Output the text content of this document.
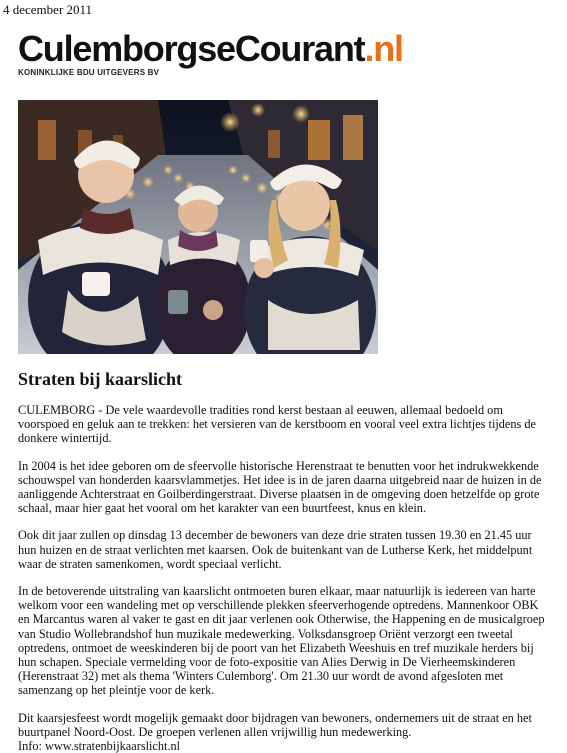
4 december 2011
CulemborgseCourant.nl
KONINKLIJKE BDU UITGEVERS BV
Straten bij kaarslicht

CULEMBORG - De vele waardevolle tradities rond kerst bestaan al eeuwen, allemaal bedoeld om voorspoed en geluk aan te trekken: het versieren van de kerstboom en vooral veel extra lichtjes tijdens de donkere wintertijd.

In 2004 is het idee geboren om de sfeervolle historische Herenstraat te benutten voor het indrukwekkende schouwspel van honderden kaarsvlammetjes. Het idee is in de jaren daarna uitgebreid naar de huizen in de aanliggende Achterstraat en Goilberdingerstraat. Diverse plaatsen in de omgeving doen hetzelfde op grote schaal, maar hier gaat het vooral om het karakter van een buurtfeest, knus en klein.

Ook dit jaar zullen op dinsdag 13 december de bewoners van deze drie straten tussen 19.30 en 21.45 uur hun huizen en de straat verlichten met kaarsen. Ook de buitenkant van de Lutherse Kerk, het middelpunt waar de straten samenkomen, wordt speciaal verlicht.

In de betoverende uitstraling van kaarslicht ontmoeten buren elkaar, maar natuurlijk is iedereen van harte welkom voor een wandeling met op verschillende plekken sfeerverhogende optredens. Mannenkoor OBK en Marcantus waren al vaker te gast en dit jaar verlenen ook Otherwise, the Happening en de musicalgroep van Studio Wollebrandshof hun muzikale medewerking. Volksdansgroep Oriënt verzorgt een tweetal optredens, ontmoet de weeskinderen bij de poort van het Elizabeth Weeshuis en tref muzikale herders bij hun schapen. Speciale vermelding voor de foto-expositie van Alies Derwig in De Vierheemskinderen (Herenstraat 32) met als thema 'Winters Culemborg'. Om 21.30 uur wordt de avond afgesloten met samenzang op het pleintje voor de kerk.

Dit kaarsjesfeest wordt mogelijk gemaakt door bijdragen van bewoners, ondernemers uit de straat en het buurtpanel Noord-Oost. De groepen verlenen allen vrijwillig hun medewerking.

Info: www.stratenbijkaarslicht.nl
